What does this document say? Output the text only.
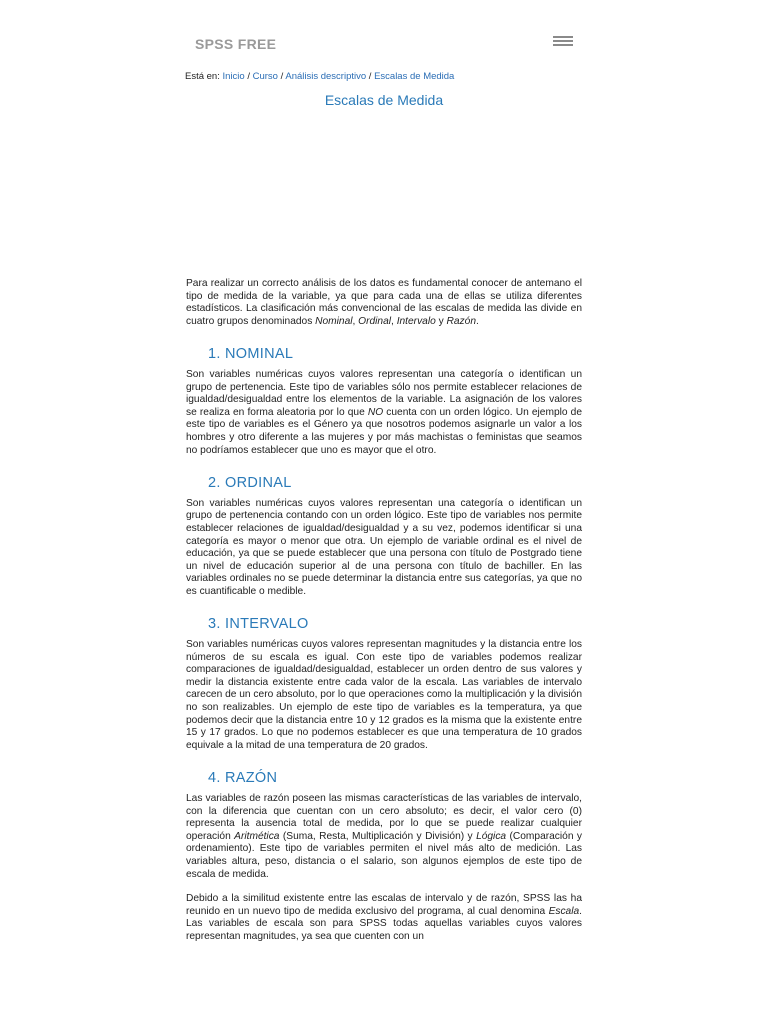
SPSS FREE
Está en: Inicio / Curso / Análisis descriptivo / Escalas de Medida
Escalas de Medida

Para realizar un correcto análisis de los datos es fundamental conocer de antemano el tipo de medida de la variable, ya que para cada una de ellas se utiliza diferentes estadísticos. La clasificación más convencional de las escalas de medida las divide en cuatro grupos denominados Nominal, Ordinal, Intervalo y Razón.

1. NOMINAL

Son variables numéricas cuyos valores representan una categoría o identifican un grupo de pertenencia. Este tipo de variables sólo nos permite establecer relaciones de igualdad/desigualdad entre los elementos de la variable. La asignación de los valores se realiza en forma aleatoria por lo que NO cuenta con un orden lógico. Un ejemplo de este tipo de variables es el Género ya que nosotros podemos asignarle un valor a los hombres y otro diferente a las mujeres y por más machistas o feministas que seamos no podríamos establecer que uno es mayor que el otro.

2. ORDINAL

Son variables numéricas cuyos valores representan una categoría o identifican un grupo de pertenencia contando con un orden lógico. Este tipo de variables nos permite establecer relaciones de igualdad/desigualdad y a su vez, podemos identificar si una categoría es mayor o menor que otra. Un ejemplo de variable ordinal es el nivel de educación, ya que se puede establecer que una persona con título de Postgrado tiene un nivel de educación superior al de una persona con título de bachiller. En las variables ordinales no se puede determinar la distancia entre sus categorías, ya que no es cuantificable o medible.

3. INTERVALO

Son variables numéricas cuyos valores representan magnitudes y la distancia entre los números de su escala es igual. Con este tipo de variables podemos realizar comparaciones de igualdad/desigualdad, establecer un orden dentro de sus valores y medir la distancia existente entre cada valor de la escala. Las variables de intervalo carecen de un cero absoluto, por lo que operaciones como la multiplicación y la división no son realizables. Un ejemplo de este tipo de variables es la temperatura, ya que podemos decir que la distancia entre 10 y 12 grados es la misma que la existente entre 15 y 17 grados. Lo que no podemos establecer es que una temperatura de 10 grados equivale a la mitad de una temperatura de 20 grados.

4. RAZÓN

Las variables de razón poseen las mismas características de las variables de intervalo, con la diferencia que cuentan con un cero absoluto; es decir, el valor cero (0) representa la ausencia total de medida, por lo que se puede realizar cualquier operación Aritmética (Suma, Resta, Multiplicación y División) y Lógica (Comparación y ordenamiento). Este tipo de variables permiten el nivel más alto de medición. Las variables altura, peso, distancia o el salario, son algunos ejemplos de este tipo de escala de medida.

Debido a la similitud existente entre las escalas de intervalo y de razón, SPSS las ha reunido en un nuevo tipo de medida exclusivo del programa, al cual denomina Escala. Las variables de escala son para SPSS todas aquellas variables cuyos valores representan magnitudes, ya sea que cuenten con un
